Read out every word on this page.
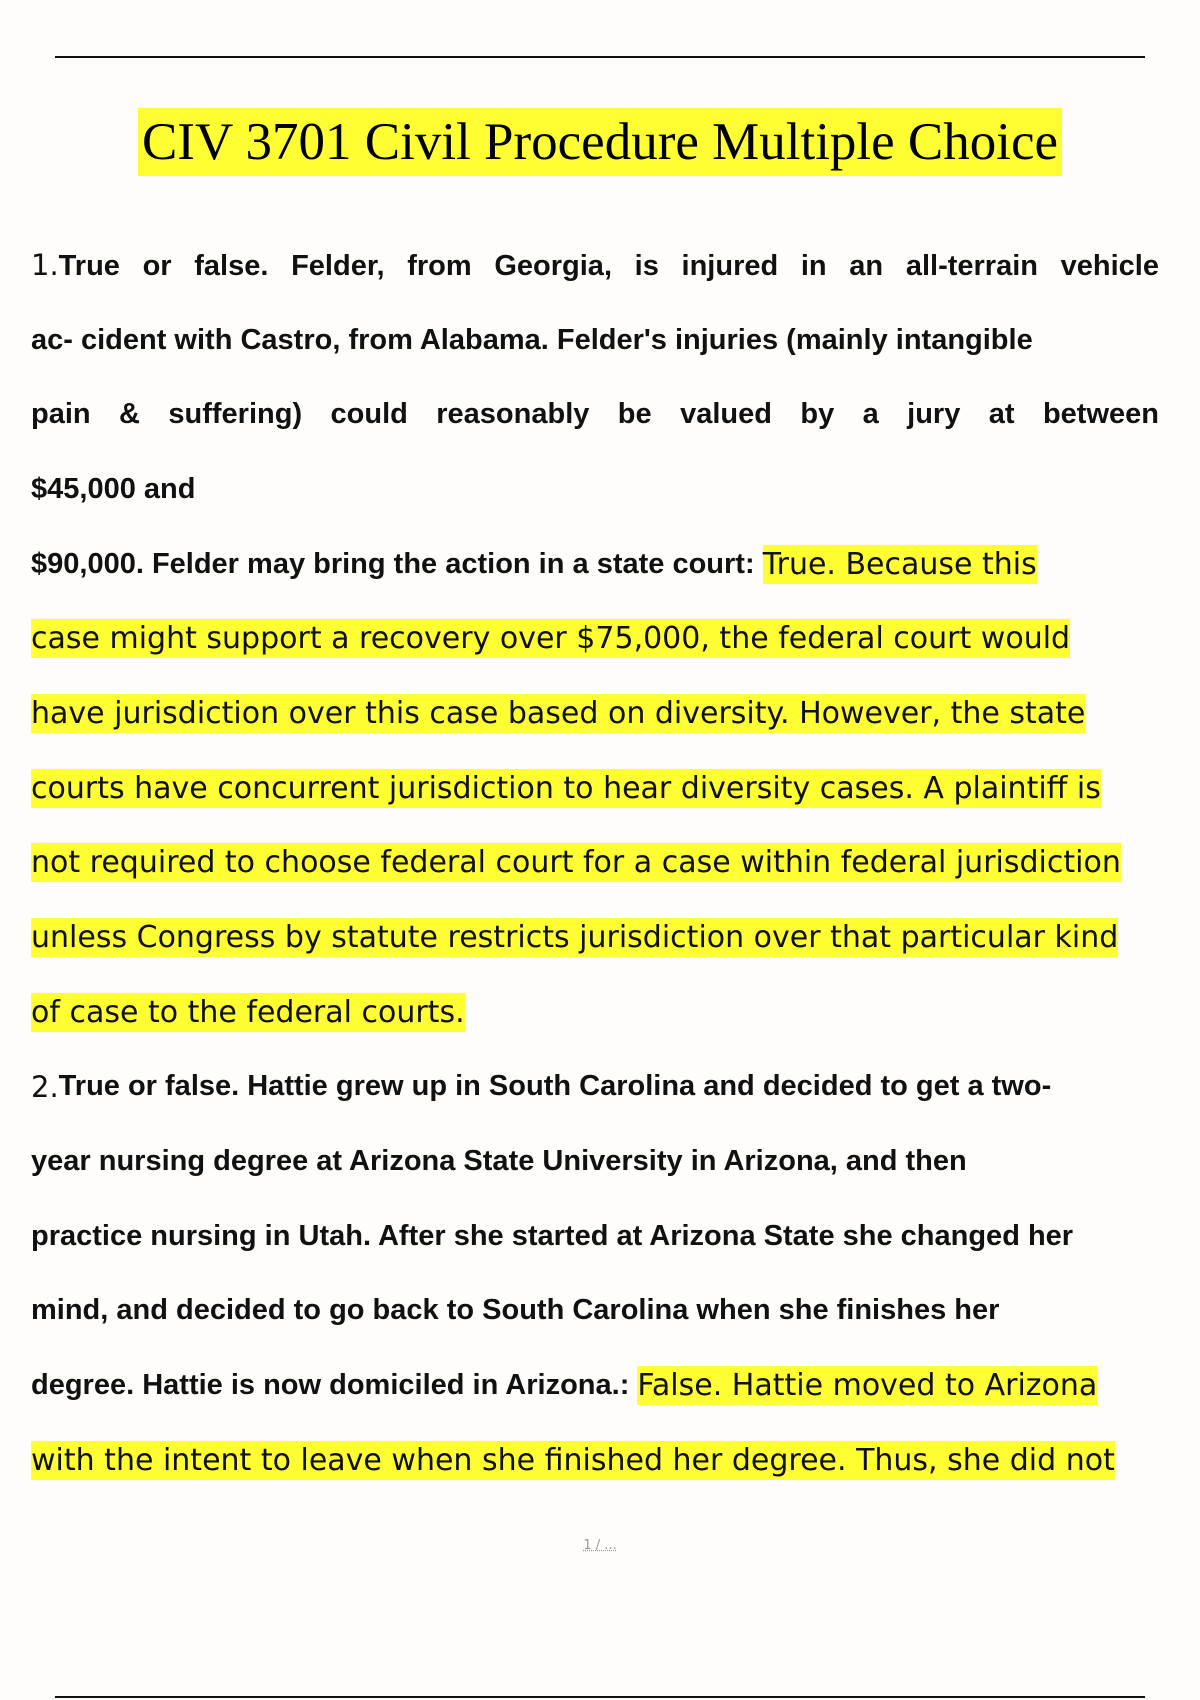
CIV 3701 Civil Procedure Multiple Choice
1.True or false. Felder, from Georgia, is injured in an all-terrain vehicle
ac- cident with Castro, from Alabama. Felder's injuries (mainly intangible
pain & suffering) could reasonably be valued by a jury at between
$45,000 and
$90,000. Felder may bring the action in a state court:
True. Because this
case might support a recovery over $75,000, the federal court would
have jurisdiction over this case based on diversity. However, the state
courts have concurrent jurisdiction to hear diversity cases. A plaintiff is
not required to choose federal court for a case within federal jurisdiction
unless Congress by statute restricts jurisdiction over that particular kind
of case to the federal courts.
2. True or false. Hattie grew up in South Carolina and decided to get a two-
year nursing degree at Arizona State University in Arizona, and then
practice nursing in Utah. After she started at Arizona State she changed her
mind, and decided to go back to South Carolina when she finishes her
degree. Hattie is now domiciled in Arizona.:
False. Hattie moved to Arizona
with the intent to leave when she finished her degree. Thus, she did not
1 / ...
